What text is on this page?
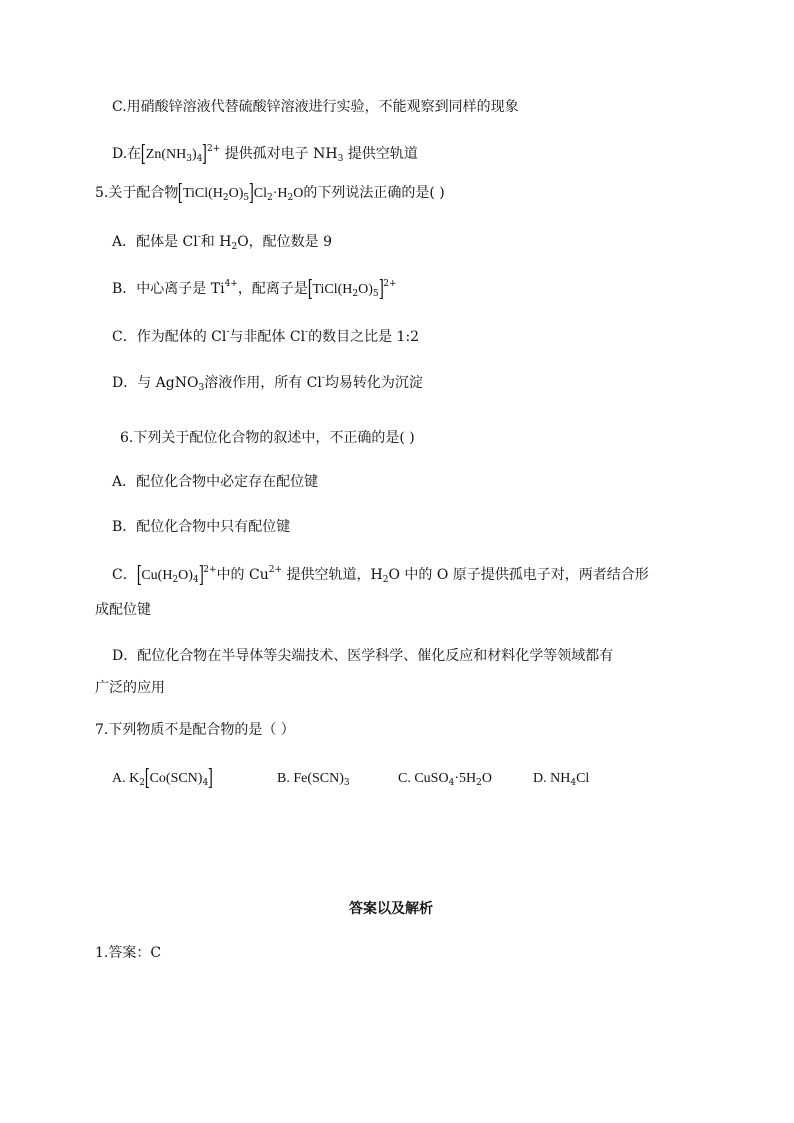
C.用硝酸锌溶液代替硫酸锌溶液进行实验，不能观察到同样的现象
D.在$[Zn(NH_3)_4]^{2+}$ 提供孤对电子 $NH_3$ 提供空轨道
5.关于配合物$[TiCl(H_2O)_5]Cl_2\cdot H_2O$的下列说法正确的是( )
A．配体是 Cl-和 $H_2O$，配位数是 9
B．中心离子是 $Ti^{4+}$，配离子是$[TiCl(H_2O)_5]^{2+}$
C．作为配体的 Cl-与非配体 Cl-的数目之比是 1:2
D．与 AgNO$_3$溶液作用，所有 Cl-均易转化为沉淀
6.下列关于配位化合物的叙述中，不正确的是( )
A．配位化合物中必定存在配位键
B．配位化合物中只有配位键
C．$[Cu(H_2O)_4]^{2+}$中的 $Cu^{2+}$ 提供空轨道，$H_2O$ 中的 O 原子提供孤电子对，两者结合形
成配位键
D．配位化合物在半导体等尖端技术、医学科学、催化反应和材料化学等领域都有
广泛的应用
7.下列物质不是配合物的是（ ）
A. $K_2[Co(SCN)_4]$	B. $Fe(SCN)_3$	C. $CuSO_4\cdot 5H_2O$	D. $NH_4Cl$
答案以及解析
1.答案：C
